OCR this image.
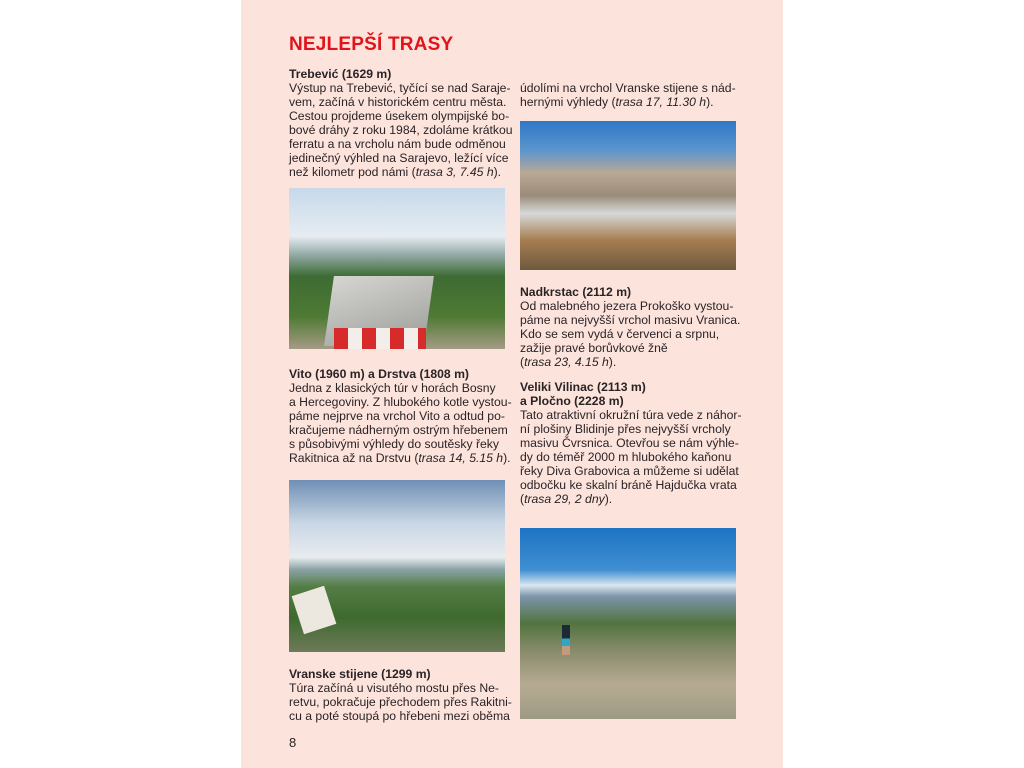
NEJLEPŠÍ TRASY
Trebević (1629 m)
Výstup na Trebević, tyčící se nad Saraje-
vem, začíná v historickém centru města.
Cestou projdeme úsekem olympijské bo-
bové dráhy z roku 1984, zdoláme krátkou
ferratu a na vrcholu nám bude odměnou
jedinečný výhled na Sarajevo, ležící více
než kilometr pod námi (trasa 3, 7.45 h).
Vito (1960 m) a Drstva (1808 m)
Jedna z klasických túr v horách Bosny
a Hercegoviny. Z hlubokého kotle vystou-
páme nejprve na vrchol Vito a odtud po-
kračujeme nádherným ostrým hřebenem
s působivými výhledy do soutěsky řeky
Rakitnica až na Drstvu (trasa 14, 5.15 h).
Vranske stijene (1299 m)
Túra začíná u visutého mostu přes Ne-
retvu, pokračuje přechodem přes Rakitni-
cu a poté stoupá po hřebeni mezi oběma
údolími na vrchol Vranske stijene s nád-
hernými výhledy (trasa 17, 11.30 h).
Nadkrstac (2112 m)
Od malebného jezera Prokoško vystou-
páme na nejvyšší vrchol masivu Vranica.
Kdo se sem vydá v červenci a srpnu,
zažije pravé borůvkové žně
(trasa 23, 4.15 h).
Veliki Vilinac (2113 m)
a Pločno (2228 m)
Tato atraktivní okružní túra vede z náhor-
ní plošiny Blidinje přes nejvyšší vrcholy
masivu Čvrsnica. Otevřou se nám výhle-
dy do téměř 2000 m hlubokého kaňonu
řeky Diva Grabovica a můžeme si udělat
odbočku ke skalní bráně Hajdučka vrata
(trasa 29, 2 dny).
8
